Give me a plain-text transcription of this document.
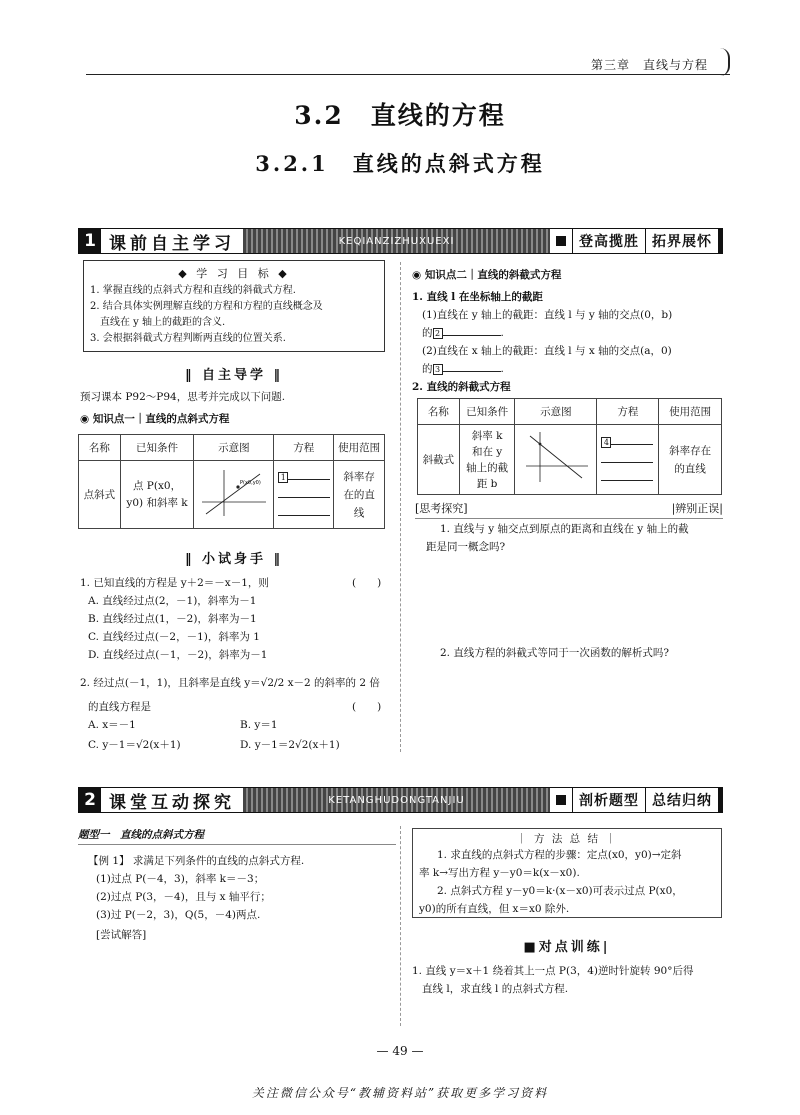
第三章　直线与方程
3.2　直线的方程
3.2.1　直线的点斜式方程
1 课前自主学习	KEQIANZIZHUXUEXI	登高揽胜 拓界展怀
◆ 学 习 目 标 ◆

1. 掌握直线的点斜式方程和直线的斜截式方程.

2. 结合具体实例理解直线的方程和方程的直线概念及

　直线在 y 轴上的截距的含义.

3. 会根据斜截式方程判断两直线的位置关系.

‖ 自主导学 ‖
预习课本 P92～P94，思考并完成以下问题.
◉ 知识点一｜直线的点斜式方程
名称	已知条件	示意图	方程	使用范围
点斜式	点 P(x0，y0) 和斜率 k	P(x0,y0)	1	斜率存在的直线
‖ 小试身手 ‖
1. 已知直线的方程是 y＋2＝－x－1，则	(　　)
A. 直线经过点(2，－1)，斜率为－1
B. 直线经过点(1，－2)，斜率为－1
C. 直线经过点(－2，－1)，斜率为 1
D. 直线经过点(－1，－2)，斜率为－1
2. 经过点(－1，1)，且斜率是直线 y＝√2/2 x－2 的斜率的 2 倍
的直线方程是	(　　)
A. x＝－1	B. y＝1
C. y－1＝√2(x＋1)	D. y－1＝2√2(x＋1)
◉ 知识点二｜直线的斜截式方程
1. 直线 l 在坐标轴上的截距
(1)直线在 y 轴上的截距：直线 l 与 y 轴的交点(0，b)
的 2	.
(2)直线在 x 轴上的截距：直线 l 与 x 轴的交点(a，0)
的 3	.
2. 直线的斜截式方程
名称	已知条件	示意图	方程	使用范围
斜截式	斜率 k 和在 y 轴上的截距 b		4	斜率存在的直线
[思考探究]	|辨别正误|
1. 直线与 y 轴交点到原点的距离和直线在 y 轴上的截
距是同一概念吗?
2. 直线方程的斜截式等同于一次函数的解析式吗?
2 课堂互动探究	KETANGHUDONGTANJIU	剖析题型 总结归纳
题型一　直线的点斜式方程
【例 1】 求满足下列条件的直线的点斜式方程.
(1)过点 P(－4，3)，斜率 k＝－3；
(2)过点 P(3，－4)，且与 x 轴平行；
(3)过 P(－2，3)，Q(5，－4)两点.
[尝试解答]
｜ 方 法 总 结 ｜
1. 求直线的点斜式方程的步骤：定点(x0，y0)→定斜
率 k→写出方程 y－y0＝k(x－x0).
2. 点斜式方程 y－y0＝k·(x－x0)可表示过点 P(x0，
y0)的所有直线，但 x＝x0 除外.
■对点训练|
1. 直线 y＝x＋1 绕着其上一点 P(3，4)逆时针旋转 90°后得
直线 l，求直线 l 的点斜式方程.
— 49 —
关注微信公众号“教辅资料站”获取更多学习资料
